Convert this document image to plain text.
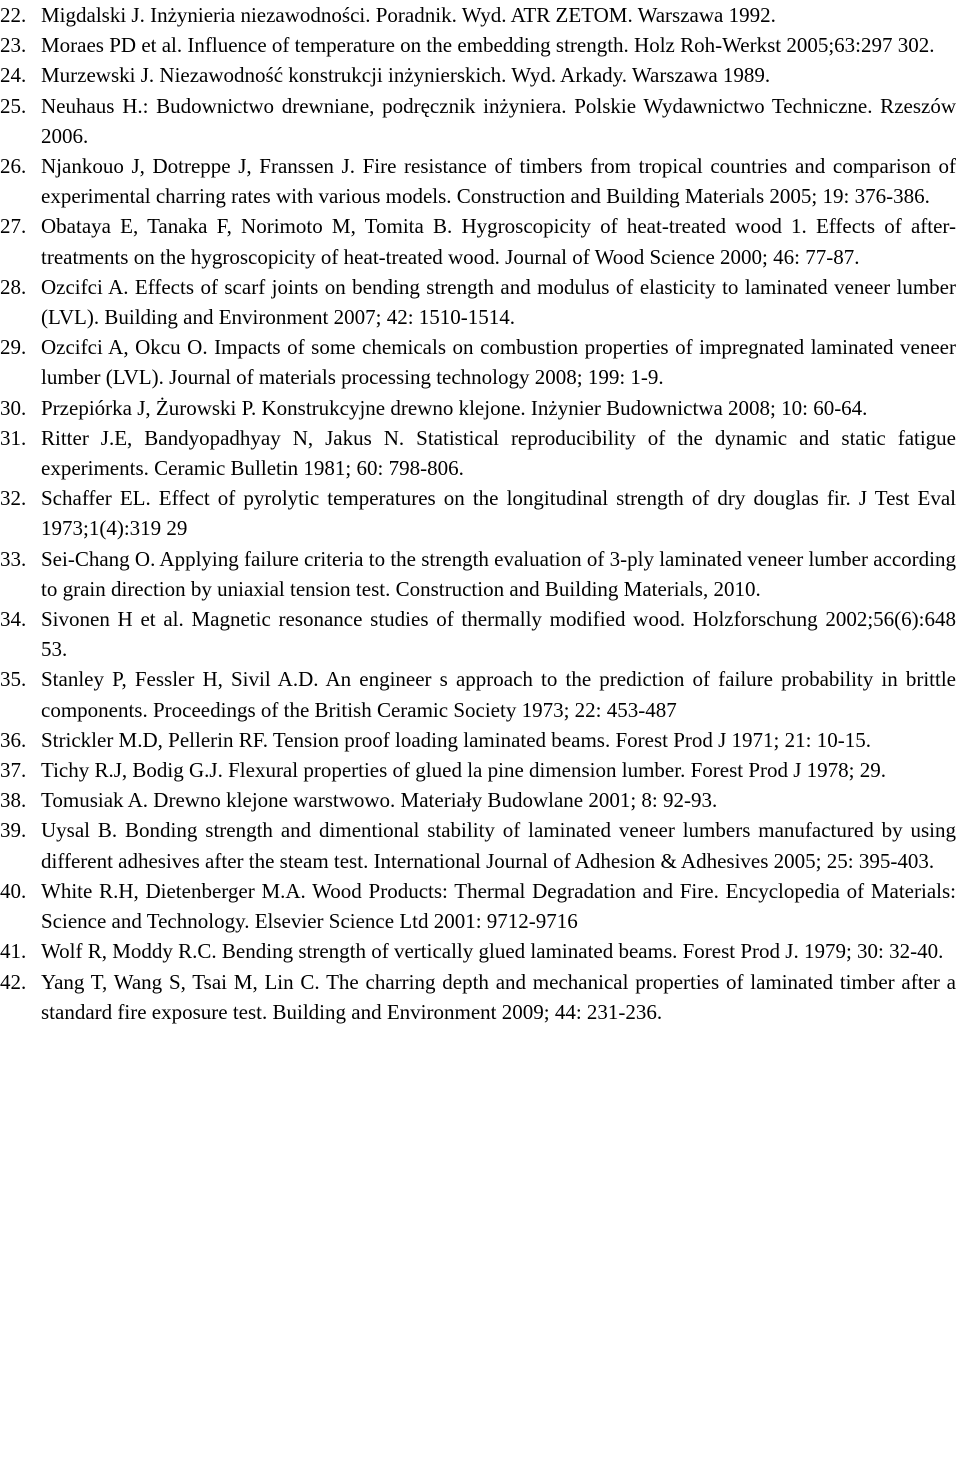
22. Migdalski J. Inżynieria niezawodności. Poradnik. Wyd. ATR ZETOM. Warszawa 1992.
23. Moraes PD et al. Influence of temperature on the embedding strength. Holz Roh-Werkst 2005;63:297 302.
24. Murzewski J. Niezawodność konstrukcji inżynierskich. Wyd. Arkady. Warszawa 1989.
25. Neuhaus H.: Budownictwo drewniane, podręcznik inżyniera. Polskie Wydawnictwo Techniczne. Rzeszów 2006.
26. Njankouo J, Dotreppe J, Franssen J. Fire resistance of timbers from tropical countries and comparison of experimental charring rates with various models. Construction and Building Materials 2005; 19: 376-386.
27. Obataya E, Tanaka F, Norimoto M, Tomita B. Hygroscopicity of heat-treated wood 1. Effects of after-treatments on the hygroscopicity of heat-treated wood. Journal of Wood Science 2000; 46: 77-87.
28. Ozcifci A. Effects of scarf joints on bending strength and modulus of elasticity to laminated veneer lumber (LVL). Building and Environment 2007; 42: 1510-1514.
29. Ozcifci A, Okcu O. Impacts of some chemicals on combustion properties of impregnated laminated veneer lumber (LVL). Journal of materials processing technology 2008; 199: 1-9.
30. Przepiórka J, Żurowski P. Konstrukcyjne drewno klejone. Inżynier Budownictwa 2008; 10: 60-64.
31. Ritter J.E, Bandyopadhyay N, Jakus N. Statistical reproducibility of the dynamic and static fatigue experiments. Ceramic Bulletin 1981; 60: 798-806.
32. Schaffer EL. Effect of pyrolytic temperatures on the longitudinal strength of dry douglas fir. J Test Eval 1973;1(4):319 29
33. Sei-Chang O. Applying failure criteria to the strength evaluation of 3-ply laminated veneer lumber according to grain direction by uniaxial tension test. Construction and Building Materials, 2010.
34. Sivonen H et al. Magnetic resonance studies of thermally modified wood. Holzforschung 2002;56(6):648 53.
35. Stanley P, Fessler H, Sivil A.D. An engineer s approach to the prediction of failure probability in brittle components. Proceedings of the British Ceramic Society 1973; 22: 453-487
36. Strickler M.D, Pellerin RF. Tension proof loading laminated beams. Forest Prod J 1971; 21: 10-15.
37. Tichy R.J, Bodig G.J. Flexural properties of glued la pine dimension lumber. Forest Prod J 1978; 29.
38. Tomusiak A. Drewno klejone warstwowo. Materiały Budowlane 2001; 8: 92-93.
39. Uysal B. Bonding strength and dimentional stability of laminated veneer lumbers manufactured by using different adhesives after the steam test. International Journal of Adhesion & Adhesives 2005; 25: 395-403.
40. White R.H, Dietenberger M.A. Wood Products: Thermal Degradation and Fire. Encyclopedia of Materials: Science and Technology. Elsevier Science Ltd 2001: 9712-9716
41. Wolf R, Moddy R.C. Bending strength of vertically glued laminated beams. Forest Prod J. 1979; 30: 32-40.
42. Yang T, Wang S, Tsai M, Lin C. The charring depth and mechanical properties of laminated timber after a standard fire exposure test. Building and Environment 2009; 44: 231-236.
